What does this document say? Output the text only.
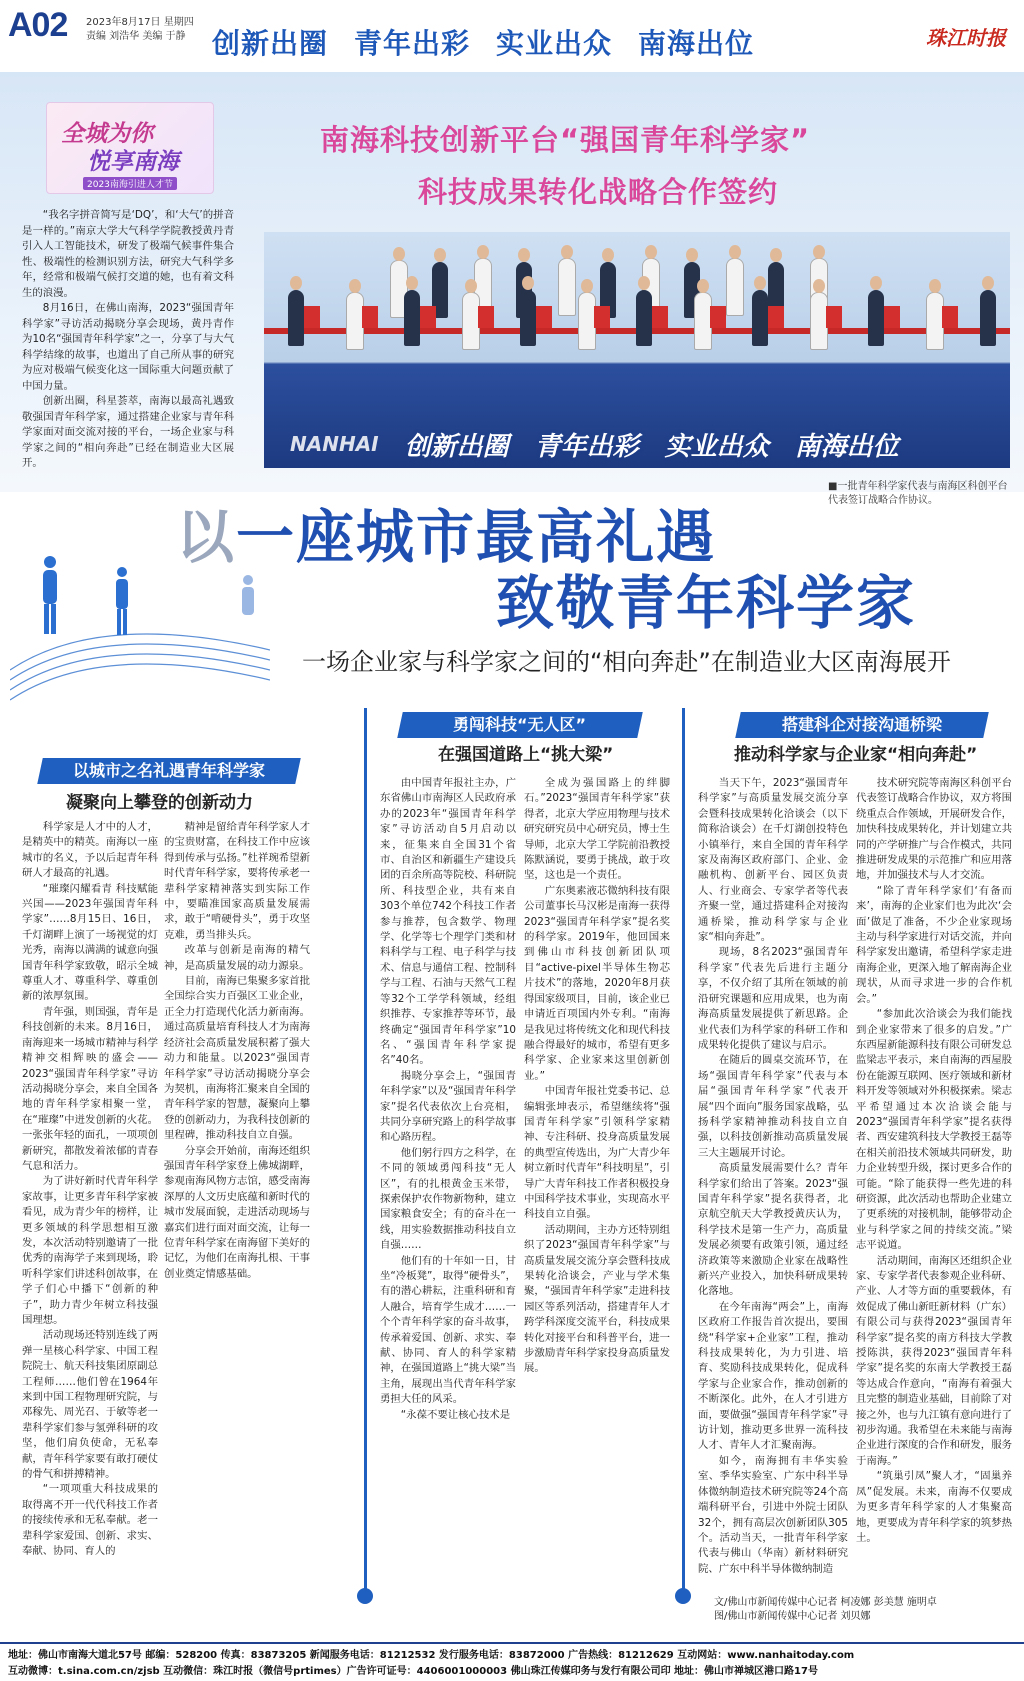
A02 2023年8月17日 星期四
责编 刘浩华 美编 于静 创新出圈 青年出彩 实业出众 南海出位	珠江时报
全城为你
悦享南海
2023南海引进人才节

“我名字拼音简写是‘DQ’，和‘大气’的拼音是一样的。”南京大学大气科学学院教授黄丹青引入人工智能技术，研发了极端气候事件集合性、极端性的检测识别方法，研究大气科学多年，经常和极端气候打交道的她，也有着文科生的浪漫。

8月16日，在佛山南海，2023“强国青年科学家”寻访活动揭晓分享会现场，黄丹青作为10名“强国青年科学家”之一，分享了与大气科学结缘的故事，也道出了自己所从事的研究为应对极端气候变化这一国际重大问题贡献了中国力量。

创新出圈，科星荟萃，南海以最高礼遇致敬强国青年科学家，通过搭建企业家与青年科学家面对面交流对接的平台，一场企业家与科学家之间的“相向奔赴”已经在制造业大区展开。

南海科技创新平台“强国青年科学家”
科技成果转化战略合作签约
NANHAI 创新出圈 青年出彩 实业出众 南海出位
■一批青年科学家代表与南海区科创平台代表签订战略合作协议。
以一座城市最高礼遇
致敬青年科学家
一场企业家与科学家之间的“相向奔赴”在制造业大区南海展开
以城市之名礼遇青年科学家
凝聚向上攀登的创新动力

科学家是人才中的人才，是精英中的精英。南海以一座城市的名义，予以后起青年科研人才最高的礼遇。

“璀璨闪耀看青 科技赋能兴国——2023年强国青年科学家”……8月15日、16日，千灯湖畔上演了一场视觉的灯光秀，南海以满满的诚意向强国青年科学家致敬，昭示全城尊重人才、尊重科学、尊重创新的浓厚氛围。

青年强，则国强，青年是科技创新的未来。8月16日，南海迎来一场城市精神与科学精神交相辉映的盛会——2023“强国青年科学家”寻访活动揭晓分享会，来自全国各地的青年科学家相聚一堂，在“璀璨”中迸发创新的火花。一张张年轻的面孔，一项项创新研究，都散发着浓郁的青春气息和活力。

为了讲好新时代青年科学家故事，让更多青年科学家被看见，成为青少年的榜样，让更多领域的科学思想相互激发，本次活动特别邀请了一批优秀的南海学子来到现场，聆听科学家们讲述科创故事，在学子们心中播下“创新的种子”，助力青少年树立科技强国理想。

活动现场还特别连线了两弹一星核心科学家、中国工程院院士、航天科技集团原副总工程师……他们曾在1964年来到中国工程物理研究院，与邓稼先、周光召、于敏等老一辈科学家们参与氢弹科研的攻坚，他们肩负使命，无私奉献，青年科学家要有敢打硬仗的骨气和拼搏精神。

“一项项重大科技成果的取得离不开一代代科技工作者的接续传承和无私奉献。老一辈科学家爱国、创新、求实、奉献、协同、育人的

精神是留给青年科学家人才的宝贵财富，在科技工作中应该得到传承与弘扬。”杜祥琬希望新时代青年科学家，要将传承老一辈科学家精神落实到实际工作中，要瞄准国家高质量发展需求，敢于“啃硬骨头”，勇于攻坚克难，勇当排头兵。

改革与创新是南海的精气神，是高质量发展的动力源泉。

目前，南海已集聚多家首批全国综合实力百强区工业企业，正全力打造现代化活力新南海。通过高质量培育科技人才为南海经济社会高质量发展积蓄了强大动力和能量。以2023“强国青年科学家”寻访活动揭晓分享会为契机，南海将汇聚来自全国的青年科学家的智慧，凝聚向上攀登的创新动力，为我科技创新的里程碑，推动科技自立自强。

分享会开始前，南海还组织强国青年科学家登上佛城湖畔，参观南海风物方志馆，感受南海深厚的人文历史底蕴和新时代的城市发展面貌，走进活动现场与嘉宾们进行面对面交流，让每一位青年科学家在南海留下美好的记忆，为他们在南海扎根、干事创业奠定情感基础。

勇闯科技“无人区”
在强国道路上“挑大梁”

由中国青年报社主办，广东省佛山市南海区人民政府承办的2023年“强国青年科学家”寻访活动自5月启动以来，征集来自全国31个省市、自治区和新疆生产建设兵团的百余所高等院校、科研院所、科技型企业，共有来自303个单位742个科技工作者参与推荐，包含数学、物理学、化学等七个理学门类和材料科学与工程、电子科学与技术、信息与通信工程、控制科学与工程、石油与天然气工程等32个工学学科领域，经组织推荐、专家推荐等环节，最终确定“强国青年科学家”10名、“强国青年科学家提名”40名。

揭晓分享会上，“强国青年科学家”以及“强国青年科学家”提名代表依次上台亮相，共同分享研究路上的科学故事和心路历程。

他们躬行四方之科学，在不同的领域勇闯科技“无人区”，有的扎根黄金玉米带，探索保护农作物新物种，建立国家粮食安全；有的奋斗在一线，用实验数据推动科技自立自强……

他们有的十年如一日，甘坐“冷板凳”，取得“硬骨头”，有的潜心耕耘，注重科研和育人融合，培育学生成才……一个个青年科学家的奋斗故事，传承着爱国、创新、求实、奉献、协同、育人的科学家精神，在强国道路上“挑大梁”当主角，展现出当代青年科学家勇担大任的风采。

“永葆不要让核心技术是

全成为强国路上的绊脚石。”2023“强国青年科学家”获得者，北京大学应用物理与技术研究研究员中心研究员，博士生导师，北京大学工学院前沿教授陈默涵说，要勇于挑战，敢于攻坚，这也是一个责任。

广东奥素液芯微纳科技有限公司董事长马汉彬是南海一获得2023“强国青年科学家”提名奖的科学家。2019年，他回国来到佛山市科技创新团队项目“active-pixel半导体生物芯片技术”的落地，2020年8月获得国家级项目，目前，该企业已申请近百项国内外专利。“南海是我见过将传统文化和现代科技融合得最好的城市，希望有更多科学家、企业家来这里创新创业。”

中国青年报社党委书记、总编辑张坤表示，希望继续将“强国青年科学家”引领科学家精神、专注科研、投身高质量发展的典型宣传选出，为广大青少年树立新时代青年“科技明星”，引导广大青年科技工作者积极投身中国科学技术事业，实现高水平科技自立自强。

活动期间，主办方还特别组织了2023“强国青年科学家”与高质量发展交流分享会暨科技成果转化洽谈会，产业与学术集聚，“强国青年科学家”走进科技园区等系列活动，搭建青年人才跨学科深度交流平台，科技成果转化对接平台和科普平台，进一步激励青年科学家投身高质量发展。

搭建科企对接沟通桥梁
推动科学家与企业家“相向奔赴”

当天下午，2023“强国青年科学家”与高质量发展交流分享会暨科技成果转化洽谈会（以下简称洽谈会）在千灯湖创投特色小镇举行，来自全国的青年科学家及南海区政府部门、企业、金融机构、创新平台、园区负责人、行业商会、专家学者等代表齐聚一堂，通过搭建科企对接沟通桥梁，推动科学家与企业家“相向奔赴”。

现场，8名2023“强国青年科学家”代表先后进行主题分享，不仅介绍了其所在领域的前沿研究课题和应用成果，也为南海高质量发展提供了新思路。企业代表们为科学家的科研工作和成果转化提供了建议与启示。

在随后的圆桌交流环节，在场“强国青年科学家”代表与本届“强国青年科学家”代表开展“四个面向”服务国家战略，弘扬科学家精神推动科技自立自强，以科技创新推动高质量发展三大主题展开讨论。

高质量发展需要什么？青年科学家们给出了答案。2023“强国青年科学家”提名获得者，北京航空航天大学教授黄庆认为，科学技术是第一生产力，高质量发展必须要有政策引领，通过经济政策等来激励企业家在战略性新兴产业投入，加快科研成果转化落地。

在今年南海“两会”上，南海区政府工作报告首次提出，要围绕“科学家+企业家”工程，推动科技成果转化，为力引进、培育、奖励科技成果转化，促成科学家与企业家合作，推动创新的不断深化。此外，在人才引进方面，要做强“强国青年科学家”寻访计划，推动更多世界一流科技人才、青年人才汇聚南海。

如今，南海拥有丰华实验室、季华实验室、广东中科半导体微纳制造技术研究院等24个高端科研平台，引进中外院士团队32个，拥有高层次创新团队305个。活动当天，一批青年科学家代表与佛山（华南）新材料研究院、广东中科半导体微纳制造

技术研究院等南海区科创平台代表签订战略合作协议，双方将围绕重点合作领域，开展研发合作，加快科技成果转化，并计划建立共同的产学研推广与合作模式，共同推进研发成果的示范推广和应用落地，并加强技术与人才交流。

“除了青年科学家们‘有备而来’，南海的企业家们也为此次‘会面’做足了准备，不少企业家现场主动与科学家进行对话交流，并向科学家发出邀请，希望科学家走进南海企业，更深入地了解南海企业现状，从而寻求进一步的合作机会。”

“参加此次洽谈会为我们能找到企业家带来了很多的启发。”广东西屋新能源科技有限公司研发总监梁志平表示，来自南海的西屋股份在能源互联网、医疗领域和新材料开发等领域对外积极探索。梁志平希望通过本次洽谈会能与2023“强国青年科学家”提名获得者、西安建筑科技大学教授王磊等在相关前沿技术领域共同研发，助力企业转型升级，探讨更多合作的可能。“除了能获得一些先进的科研资源，此次活动也帮助企业建立了更系统的对接机制，能够带动企业与科学家之间的持续交流。”梁志平说道。

活动期间，南海区还组织企业家、专家学者代表参观企业科研、产业、人才等方面的重要载体，有效促成了佛山新旺新材料（广东）有限公司与获得2023“强国青年科学家”提名奖的南方科技大学教授陈洪，获得2023“强国青年科学家”提名奖的东南大学教授王磊等达成合作意向，“南海有着强大且完整的制造业基础，目前除了对接之外，也与九江镇有意向进行了初步沟通。我希望在未来能与南海企业进行深度的合作和研发，服务于南海。”

“筑巢引凤”聚人才，“固巢养凤”促发展。未来，南海不仅要成为更多青年科学家的人才集聚高地，更要成为青年科学家的筑梦热土。

文/佛山市新闻传媒中心记者 柯凌娜 彭美慧 施明卓
图/佛山市新闻传媒中心记者 刘贝娜
地址：佛山市南海大道北57号 邮编：528200 传真：83873205 新闻服务电话：81212532 发行服务电话：83872000 广告热线：81212629 互动网站：www.nanhaitoday.com
互动微博：t.sina.com.cn/zjsb 互动微信：珠江时报（微信号prtimes）广告许可证号：4406001000003 佛山珠江传媒印务与发行有限公司印 地址：佛山市禅城区港口路17号
